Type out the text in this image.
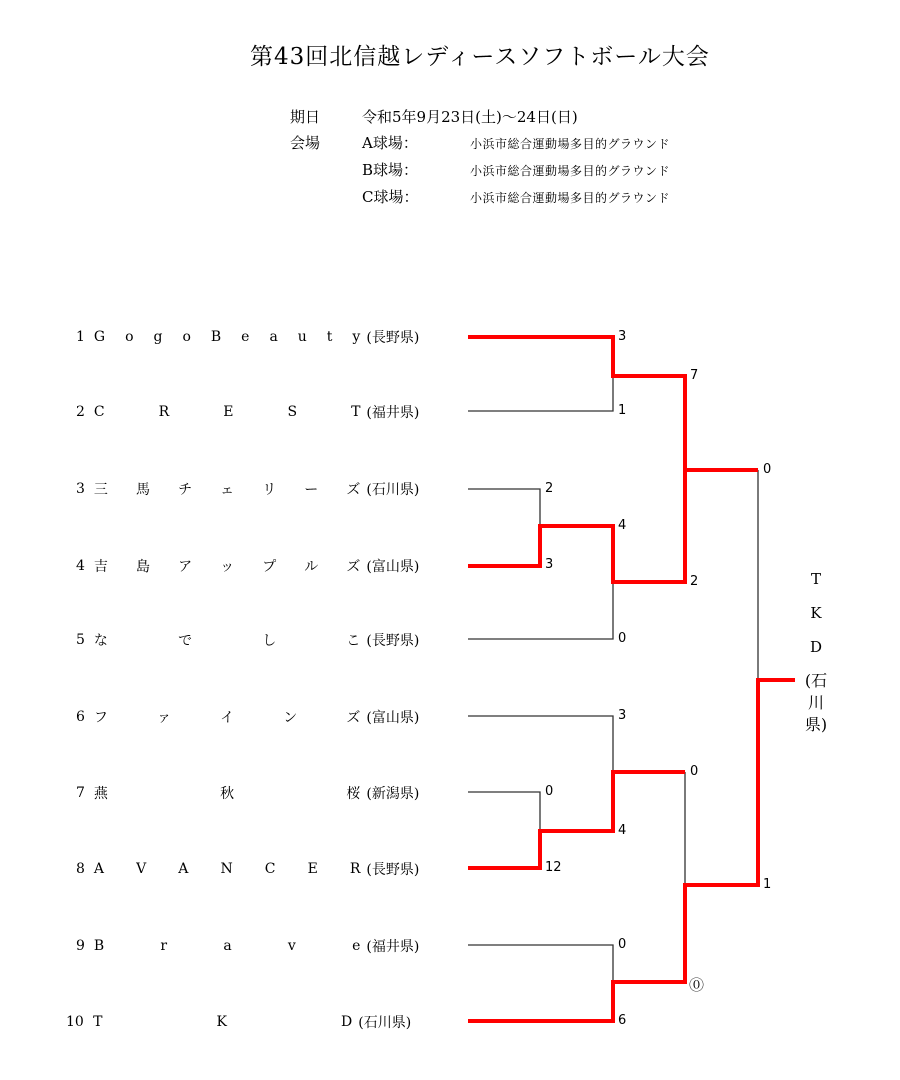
第43回北信越レディースソフトボール大会
期日	令和5年9月23日(土)～24日(日)
会場	A球場：	小浜市総合運動場多目的グラウンド
B球場：	小浜市総合運動場多目的グラウンド
C球場：	小浜市総合運動場多目的グラウンド
1 G o g o B e a u t y (長野県)
2 C	R	E	S	T (福井県)
3 三 馬 チ ェ リ ー ズ (石川県)
4 吉 島 ア ッ プ ル ズ (富山県)
5 な	で	し	こ (長野県)
6 フ	ァ	イ	ン	ズ (富山県)
7 燕	秋	桜 (新潟県)
8 A V A N C E R (長野県)
9 B	r	a	v	e (福井県)
10 T	K	D (石川県)
2
3
0
12
3
1
4
0
3
4
0
6
7
2
0
⓪
0
1
T
K
D
(石
川
県)
